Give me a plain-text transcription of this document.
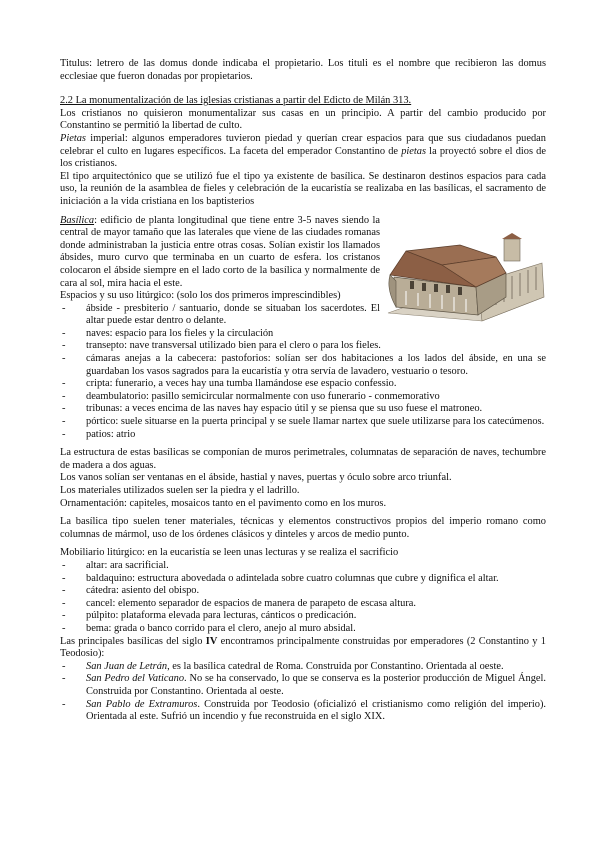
Titulus: letrero de las domus donde indicaba el propietario. Los tituli es el nombre que recibieron las domus ecclesiae que fueron donadas por propietarios.

2.2 La monumentalización de las iglesias cristianas a partir del Edicto de Milán 313.

Los cristianos no quisieron monumentalizar sus casas en un principio. A partir del cambio producido por Constantino se permitió la libertad de culto.

Pietas imperial: algunos emperadores tuvieron piedad y querían crear espacios para que sus ciudadanos puedan celebrar el culto en lugares específicos. La faceta del emperador Constantino de pietas la proyectó sobre el dios de los cristianos.

El tipo arquitectónico que se utilizó fue el tipo ya existente de basílica. Se destinaron destinos espacios para cada uso, la reunión de la asamblea de fieles y celebración de la eucaristía se realizaba en las basílicas, el sacramento de iniciación a la vida cristiana en los baptisterios

Basílica: edificio de planta longitudinal que tiene entre 3-5 naves siendo la central de mayor tamaño que las laterales que viene de las ciudades romanas donde administraban la justicia entre otras cosas. Solían existir los llamados ábsides, muro curvo que terminaba en un cuarto de esfera. los cristanos colocaron el ábside siempre en el lado corto de la basílica y normalmente de cara al sol, mira hacia el este.

Espacios y su uso litúrgico: (solo los dos primeros imprescindibles)

- ábside - presbiterio / santuario, donde se situaban los sacerdotes. El altar puede estar dentro o delante.
- naves: espacio para los fieles y la circulación
- transepto: nave transversal utilizado bien para el clero o para los fieles.
- cámaras anejas a la cabecera: pastoforios: solían ser dos habitaciones a los lados del ábside, en una se guardaban los vasos sagrados para la eucaristía y otra servía de lavadero, vestuario o tesoro.
- cripta: funerario, a veces hay una tumba llamándose ese espacio confessio.
- deambulatorio: pasillo semicircular normalmente con uso funerario - conmemorativo
- tribunas: a veces encima de las naves hay espacio útil y se piensa que su uso fuese el matroneo.
- pórtico: suele situarse en la puerta principal y se suele llamar nartex que suele utilizarse para los catecúmenos.
- patios: atrio

La estructura de estas basílicas se componían de muros perimetrales, columnatas de separación de naves, techumbre de madera a dos aguas.

Los vanos solían ser ventanas en el ábside, hastial y naves, puertas y óculo sobre arco triunfal.

Los materiales utilizados suelen ser la piedra y el ladrillo.

Ornamentación: capiteles, mosaicos tanto en el pavimento como en los muros.

La basílica tipo suelen tener materiales, técnicas y elementos constructivos propios del imperio romano como columnas de mármol, uso de los órdenes clásicos y dinteles y arcos de medio punto.

Mobiliario litúrgico: en la eucaristía se leen unas lecturas y se realiza el sacrificio

- altar: ara sacrificial.
- baldaquino: estructura abovedada o adintelada sobre cuatro columnas que cubre y dignifica el altar.
- cátedra: asiento del obispo.
- cancel: elemento separador de espacios de manera de parapeto de escasa altura.
- púlpito: plataforma elevada para lecturas, cánticos o predicación.
- bema: grada o banco corrido para el clero, anejo al muro absidal.

Las principales basílicas del siglo IV encontramos principalmente construidas por emperadores (2 Constantino y 1 Teodosio):

- San Juan de Letrán, es la basílica catedral de Roma. Construida por Constantino. Orientada al oeste.
- San Pedro del Vaticano. No se ha conservado, lo que se conserva es la posterior producción de Miguel Ángel. Construida por Constantino. Orientada al oeste.
- San Pablo de Extramuros. Construida por Teodosio (oficializó el cristianismo como religión del imperio). Orientada al este. Sufrió un incendio y fue reconstruida en el siglo XIX.
